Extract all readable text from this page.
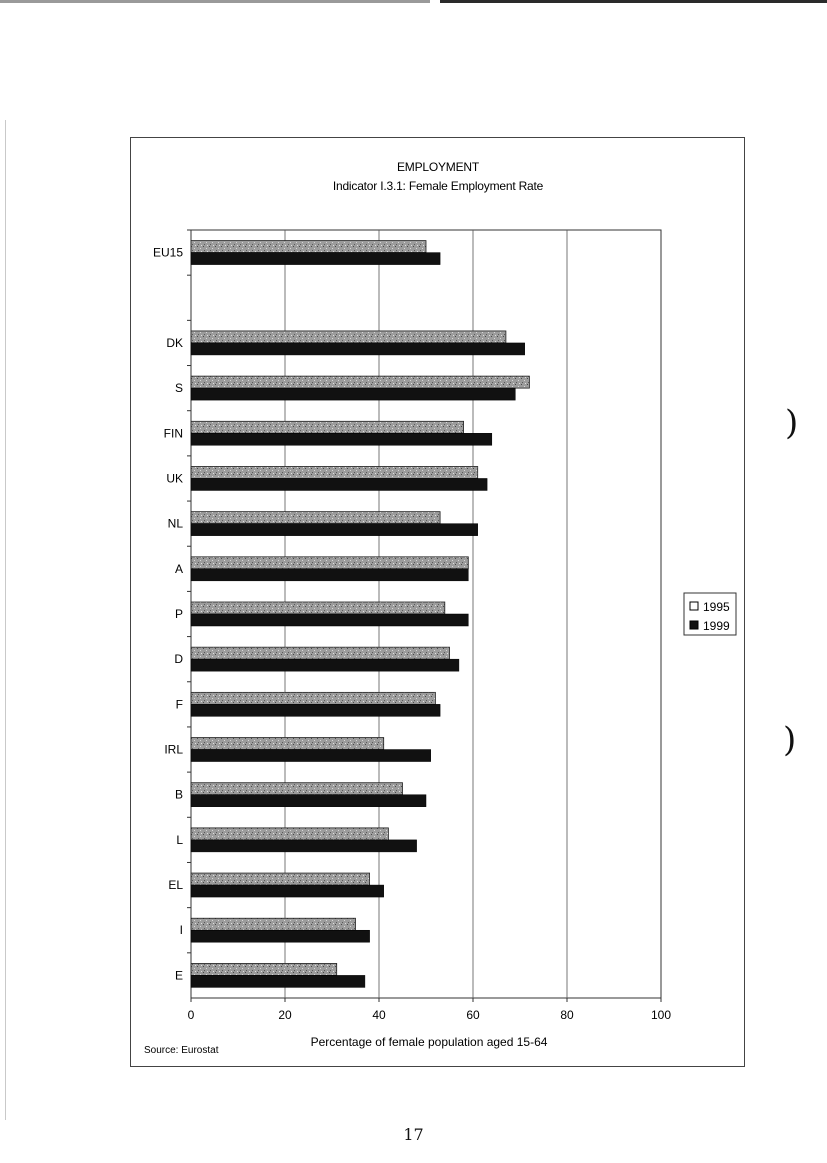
)
)
EMPLOYMENT
Indicator I.3.1: Female Employment Rate
0	20	40	60	80	100
EU15
DK
S
FIN
UK
NL
A
P
D
F
IRL
B
L
EL
I
E
Percentage of female population aged 15-64
Source: Eurostat
1995
1999
17
